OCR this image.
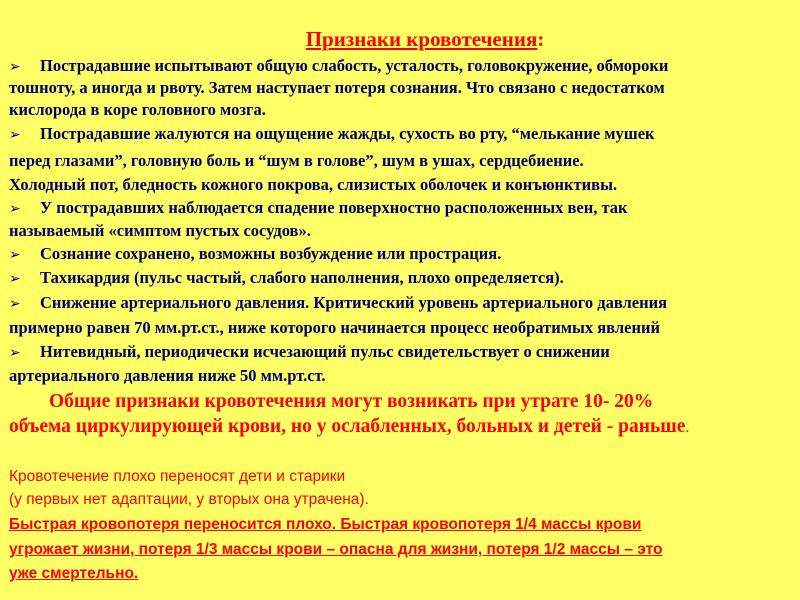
Признаки кровотечения:

➢ Пострадавшие испытывают общую слабость, усталость, головокружение, обмороки

тошноту, а иногда и рвоту. Затем наступает потеря сознания. Что связано с недостатком

кислорода в коре головного мозга.

➢ Пострадавшие жалуются на ощущение жажды, сухость во рту, “мелькание мушек

перед глазами”, головную боль и “шум в голове”, шум в ушах, сердцебиение.

Холодный пот, бледность кожного покрова, слизистых оболочек и конъюнктивы.

➢ У пострадавших наблюдается спадение поверхностно расположенных вен, так

называемый «симптом пустых сосудов».

➢ Сознание сохранено, возможны возбуждение или прострация.

➢ Тахикардия (пульс частый, слабого наполнения, плохо определяется).

➢ Снижение артериального давления. Критический уровень артериального давления

примерно равен 70 мм.рт.ст., ниже которого начинается процесс необратимых явлений

➢ Нитевидный, периодически исчезающий пульс свидетельствует о снижении

артериального давления ниже 50 мм.рт.ст.

Общие признаки кровотечения могут возникать при утрате 10- 20%

объема циркулирующей крови, но у ослабленных, больных и детей - раньше.

Кровотечение плохо переносят дети и старики

(у первых нет адаптации, у вторых она утрачена).

Быстрая кровопотеря переносится плохо. Быстрая кровопотеря 1/4 массы крови

угрожает жизни, потеря 1/3 массы крови – опасна для жизни, потеря 1/2 массы – это

уже смертельно.
